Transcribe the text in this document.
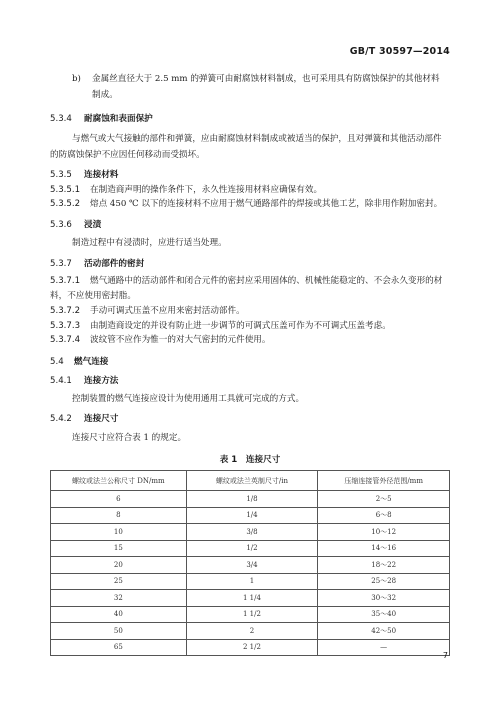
GB/T 30597—2014
b) 金属丝直径大于 2.5 mm 的弹簧可由耐腐蚀材料制成，也可采用具有防腐蚀保护的其他材料
制成。
5.3.4 耐腐蚀和表面保护
与燃气或大气接触的部件和弹簧，应由耐腐蚀材料制成或被适当的保护，且对弹簧和其他活动部件
的防腐蚀保护不应因任何移动而受损坏。
5.3.5 连接材料
5.3.5.1 在制造商声明的操作条件下，永久性连接用材料应确保有效。
5.3.5.2 熔点 450 ℃ 以下的连接材料不应用于燃气通路部件的焊接或其他工艺，除非用作附加密封。
5.3.6 浸渍
制造过程中有浸渍时，应进行适当处理。
5.3.7 活动部件的密封
5.3.7.1 燃气通路中的活动部件和闭合元件的密封应采用固体的、机械性能稳定的、不会永久变形的材
料，不应使用密封脂。
5.3.7.2 手动可调式压盖不应用来密封活动部件。
5.3.7.3 由制造商设定的并设有防止进一步调节的可调式压盖可作为不可调式压盖考虑。
5.3.7.4 波纹管不应作为惟一的对大气密封的元件使用。
5.4 燃气连接
5.4.1 连接方法
控制装置的燃气连接应设计为使用通用工具就可完成的方式。
5.4.2 连接尺寸
连接尺寸应符合表 1 的规定。
表 1　连接尺寸
螺纹或法兰公称尺寸 DN/mm	螺纹或法兰英制尺寸/in	压缩连接管外径范围/mm
6	1/8	2～5
8	1/4	6～8
10	3/8	10～12
15	1/2	14～16
20	3/4	18～22
25	1	25～28
32	1 1/4	30～32
40	1 1/2	35～40
50	2	42～50
65	2 1/2	—
7
